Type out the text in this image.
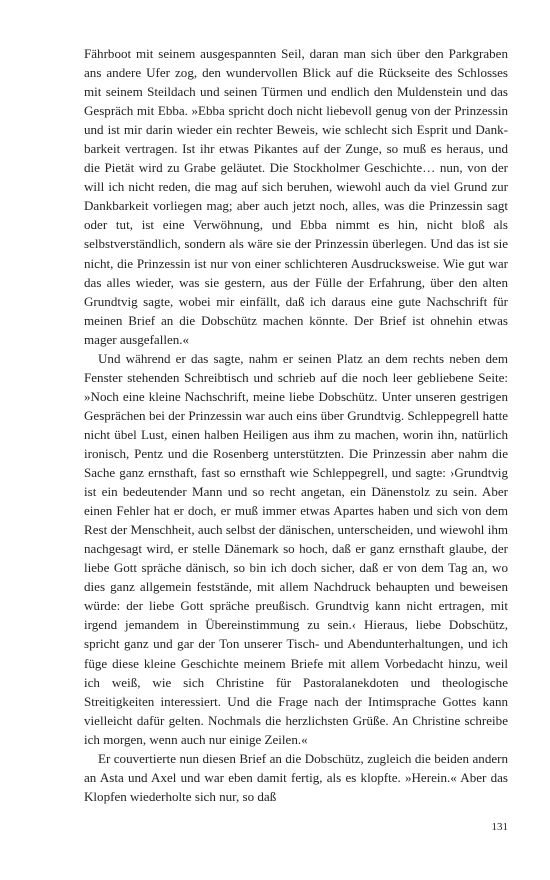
Fährboot mit seinem ausgespannten Seil, daran man sich über den Parkgraben ans andere Ufer zog, den wundervollen Blick auf die Rückseite des Schlosses mit seinem Steildach und seinen Türmen und endlich den Muldenstein und das Gespräch mit Ebba. »Ebba spricht doch nicht liebevoll genug von der Prinzessin und ist mir darin wieder ein rechter Beweis, wie schlecht sich Esprit und Dankbarkeit vertragen. Ist ihr etwas Pikantes auf der Zunge, so muß es heraus, und die Pietät wird zu Grabe geläutet. Die Stockholmer Geschichte… nun, von der will ich nicht reden, die mag auf sich beruhen, wiewohl auch da viel Grund zur Dankbarkeit vorliegen mag; aber auch jetzt noch, alles, was die Prinzessin sagt oder tut, ist eine Verwöhnung, und Ebba nimmt es hin, nicht bloß als selbstverständlich, sondern als wäre sie der Prinzessin überlegen. Und das ist sie nicht, die Prinzessin ist nur von einer schlichteren Ausdrucksweise. Wie gut war das alles wieder, was sie gestern, aus der Fülle der Erfahrung, über den alten Grundtvig sagte, wobei mir einfällt, daß ich daraus eine gute Nachschrift für meinen Brief an die Dobschütz machen könnte. Der Brief ist ohnehin etwas mager ausgefallen.«

Und während er das sagte, nahm er seinen Platz an dem rechts neben dem Fenster stehenden Schreibtisch und schrieb auf die noch leer gebliebene Seite: »Noch eine kleine Nachschrift, meine liebe Dobschütz. Unter unseren gestrigen Gesprächen bei der Prinzessin war auch eins über Grundtvig. Schleppegrell hatte nicht übel Lust, einen halben Heiligen aus ihm zu machen, worin ihn, natürlich ironisch, Pentz und die Rosenberg unterstützten. Die Prinzessin aber nahm die Sache ganz ernsthaft, fast so ernsthaft wie Schleppegrell, und sagte: ›Grundtvig ist ein bedeutender Mann und so recht angetan, ein Dänenstolz zu sein. Aber einen Fehler hat er doch, er muß immer etwas Apartes haben und sich von dem Rest der Menschheit, auch selbst der dänischen, unterscheiden, und wiewohl ihm nachgesagt wird, er stelle Dänemark so hoch, daß er ganz ernsthaft glaube, der liebe Gott spräche dänisch, so bin ich doch sicher, daß er von dem Tag an, wo dies ganz allgemein feststände, mit allem Nachdruck behaupten und beweisen würde: der liebe Gott spräche preußisch. Grundtvig kann nicht ertragen, mit irgend jemandem in Übereinstimmung zu sein.‹ Hieraus, liebe Dobschütz, spricht ganz und gar der Ton unserer Tisch- und Abendunterhaltungen, und ich füge diese kleine Geschichte meinem Briefe mit allem Vorbedacht hinzu, weil ich weiß, wie sich Christine für Pastoralanekdoten und theologische Streitigkeiten interessiert. Und die Frage nach der Intimsprache Gottes kann vielleicht dafür gelten. Nochmals die herzlichsten Grüße. An Christine schreibe ich morgen, wenn auch nur einige Zeilen.«

Er couvertierte nun diesen Brief an die Dobschütz, zugleich die beiden andern an Asta und Axel und war eben damit fertig, als es klopfte. »Herein.« Aber das Klopfen wiederholte sich nur, so daß

131
